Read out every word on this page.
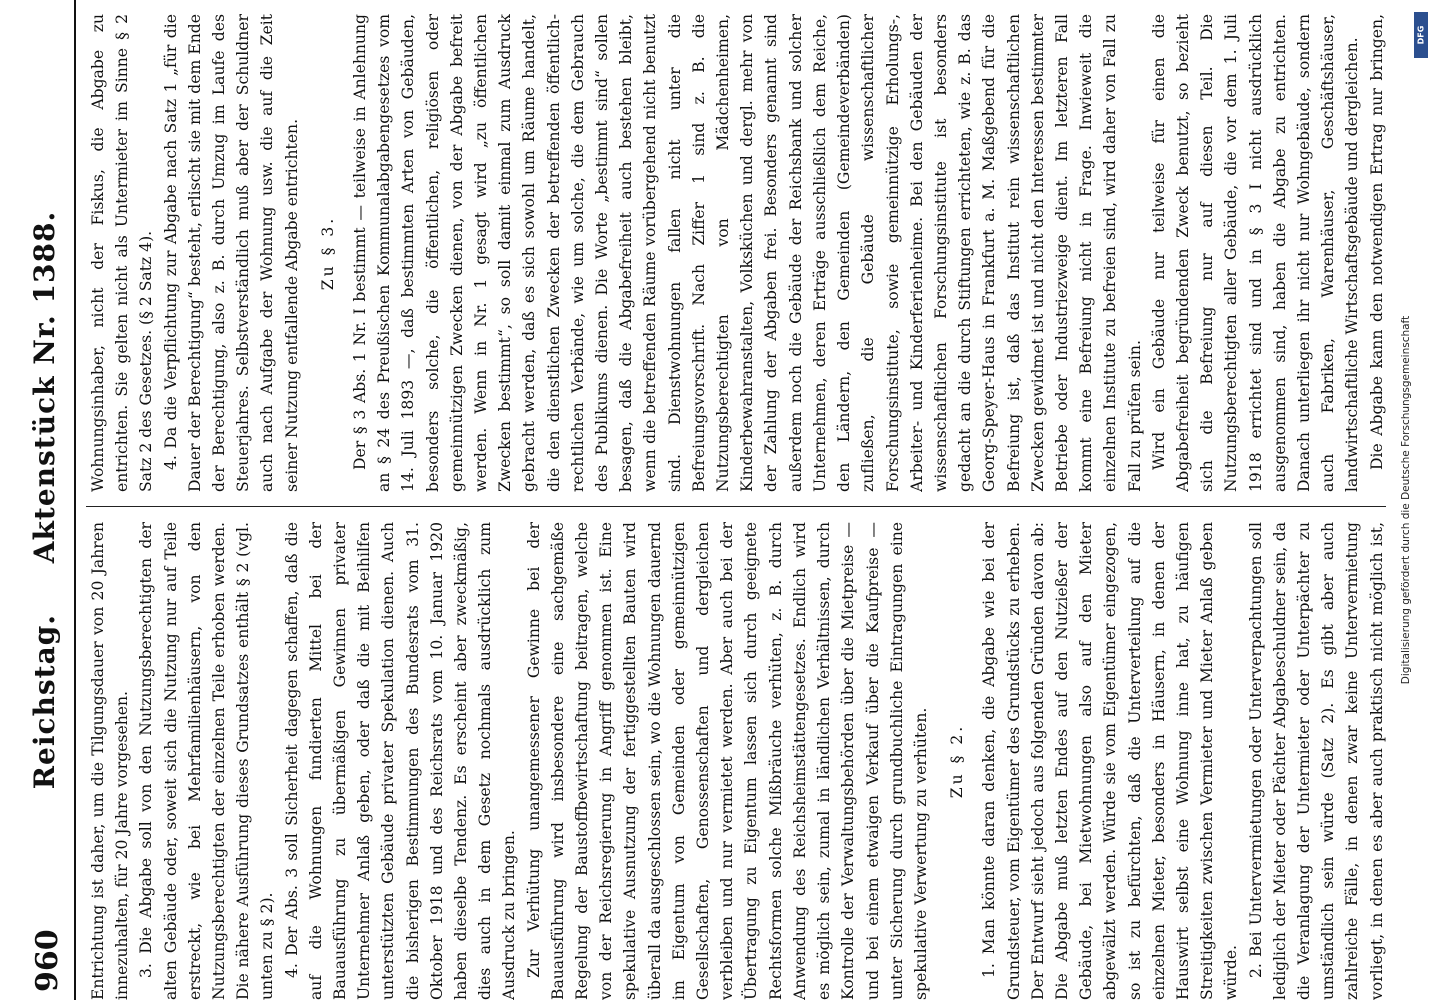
960
Reichstag. Aktenstück Nr. 1388.

Entrichtung ist daher, um die Tilgungsdauer von 20 Jahren innezuhalten, für 20 Jahre vorgesehen. 3. Die Abgabe soll von den Nutzungsberechtigten der alten Gebäude oder, soweit sich die Nutzung nur auf Teile erstreckt, wie bei Mehrfamilienhäusern, von den Nutzungsberechtigten der einzelnen Teile erhoben werden. Die nähere Ausführung dieses Grundsatzes enthält § 2 (vgl. unten zu § 2). 4. Der Abs. 3 soll Sicherheit dagegen schaffen, daß die auf die Wohnungen fundierten Mittel bei der Bauausführung zu übermäßigen Gewinnen privater Unternehmer Anlaß geben, oder daß die mit Beihilfen unterstützten Gebäude privater Spekulation dienen. Auch die bisherigen Bestimmungen des Bundesrats vom 31. Oktober 1918 und des Reichsrats vom 10. Januar 1920 haben dieselbe Tendenz. Es erscheint aber zweckmäßig, dies auch in dem Gesetz nochmals ausdrücklich zum Ausdruck zu bringen. Zur Verhütung unangemessener Gewinne bei der Bauausführung wird insbesondere eine sachgemäße Regelung der Baustoffbewirtschaftung beitragen, welche von der Reichsregierung in Angriff genommen ist. Eine spekulative Ausnutzung der fertiggestellten Bauten wird überall da ausgeschlossen sein, wo die Wohnungen dauernd im Eigentum von Gemeinden oder gemeinnützigen Gesellschaften, Genossenschaften und dergleichen verbleiben und nur vermietet werden. Aber auch bei der Übertragung zu Eigentum lassen sich durch geeignete Rechtsformen solche Mißbräuche verhüten, z. B. durch Anwendung des Reichsheimstättengesetzes. Endlich wird es möglich sein, zumal in ländlichen Verhältnissen, durch Kontrolle der Verwaltungsbehörden über die Mietpreise — und bei einem etwaigen Verkauf über die Kaufpreise — unter Sicherung durch grundbuchliche Eintragungen eine spekulative Verwertung zu verhüten. Zu § 2. 1. Man könnte daran denken, die Abgabe wie bei der Grundsteuer, vom Eigentümer des Grundstücks zu erheben. Der Entwurf sieht jedoch aus folgenden Gründen davon ab: Die Abgabe muß letzten Endes auf den Nutzießer der Gebäude, bei Mietwohnungen also auf den Mieter abgewälzt werden. Würde sie vom Eigentümer eingezogen, so ist zu befürchten, daß die Unterverteilung auf die einzelnen Mieter, besonders in Häusern, in denen der Hauswirt selbst eine Wohnung inne hat, zu häufigen Streitigkeiten zwischen Vermieter und Mieter Anlaß geben würde. 2. Bei Untervermietungen oder Unterverpachtungen soll lediglich der Mieter oder Pächter Abgabeschuldner sein, da die Veranlagung der Untermieter oder Unterpächter zu umständlich sein würde (Satz 2). Es gibt aber auch zahlreiche Fälle, in denen zwar keine Untervermietung vorliegt, in denen es aber auch praktisch nicht möglich ist,

Wohnungsinhaber, nicht der Fiskus, die Abgabe zu entrichten. Sie gelten nicht als Untermieter im Sinne § 2 Satz 2 des Gesetzes. (§ 2 Satz 4). 4. Da die Verpflichtung zur Abgabe nach Satz 1 „für die Dauer der Berechtigung“ besteht, erlischt sie mit dem Ende der Berechtigung, also z. B. durch Umzug im Laufe des Steuerjahres. Selbstverständlich muß aber der Schuldner auch nach Aufgabe der Wohnung usw. die auf die Zeit seiner Nutzung entfallende Abgabe entrichten. Zu § 3. Der § 3 Abs. 1 Nr. I bestimmt — teilweise in Anlehnung an § 24 des Preußischen Kommunalabgabengesetzes vom 14. Juli 1893 —, daß bestimmten Arten von Gebäuden, besonders solche, die öffentlichen, religiösen oder gemeinnützigen Zwecken dienen, von der Abgabe befreit werden. Wenn in Nr. 1 gesagt wird „zu öffentlichen Zwecken bestimmt“, so soll damit einmal zum Ausdruck gebracht werden, daß es sich sowohl um Räume handelt, die den dienstlichen Zwecken der betreffenden öffentlich-rechtlichen Verbände, wie um solche, die dem Gebrauch des Publikums dienen. Die Worte „bestimmt sind“ sollen besagen, daß die Abgabefreiheit auch bestehen bleibt, wenn die betreffenden Räume vorübergehend nicht benutzt sind. Dienstwohnungen fallen nicht unter die Befreiungsvorschrift. Nach Ziffer 1 sind z. B. die Nutzungsberechtigten von Mädchenheimen, Kinderbewahranstalten, Volksküchen und dergl. mehr von der Zahlung der Abgaben frei. Besonders genannt sind außerdem noch die Gebäude der Reichsbank und solcher Unternehmen, deren Erträge ausschließlich dem Reiche, den Ländern, den Gemeinden (Gemeindeverbänden) zufließen, die Gebäude wissenschaftlicher Forschungsinstitute, sowie gemeinnützige Erholungs-, Arbeiter- und Kinderferienheime. Bei den Gebäuden der wissenschaftlichen Forschungsinstitute ist besonders gedacht an die durch Stiftungen errichteten, wie z. B. das Georg-Speyer-Haus in Frankfurt a. M. Maßgebend für die Befreiung ist, daß das Institut rein wissenschaftlichen Zwecken gewidmet ist und nicht den Interessen bestimmter Betriebe oder Industriezweige dient. Im letzteren Fall kommt eine Befreiung nicht in Frage. Inwieweit die einzelnen Institute zu befreien sind, wird daher von Fall zu Fall zu prüfen sein. Wird ein Gebäude nur teilweise für einen die Abgabefreiheit begründenden Zweck benutzt, so bezieht sich die Befreiung nur auf diesen Teil. Die Nutzungsberechtigten aller Gebäude, die vor dem 1. Juli 1918 errichtet sind und in § 3 I nicht ausdrücklich ausgenommen sind, haben die Abgabe zu entrichten. Danach unterliegen ihr nicht nur Wohngebäude, sondern auch Fabriken, Warenhäuser, Geschäftshäuser, landwirtschaftliche Wirtschaftsgebäude und dergleichen. Die Abgabe kann den notwendigen Ertrag nur bringen,

Digitalisierung gefördert durch die Deutsche Forschungsgemeinschaft
DFG
